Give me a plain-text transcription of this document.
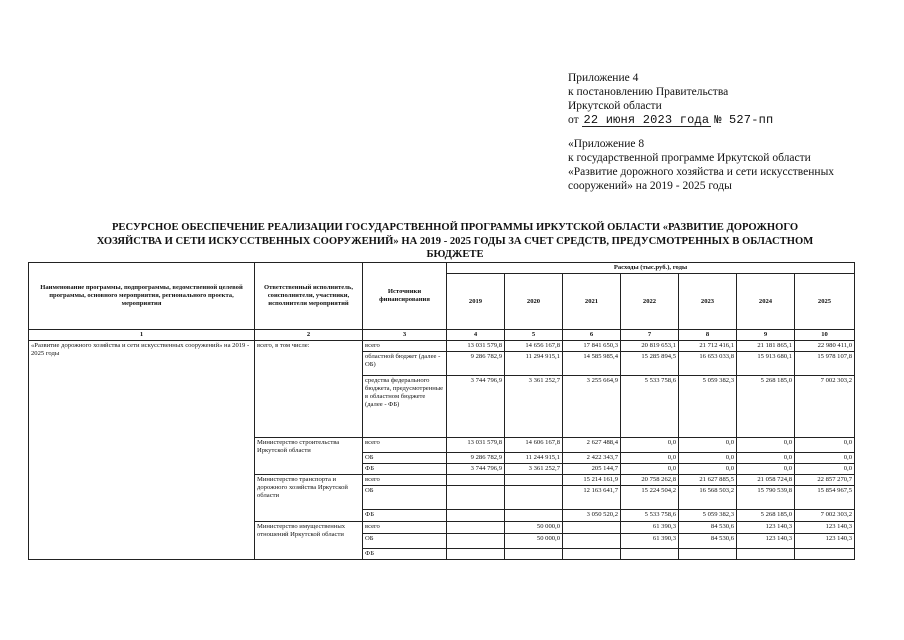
Приложение 4
к постановлению Правительства
Иркутской области
от 22 июня 2023 года № 527-пп
«Приложение 8
к государственной программе Иркутской области
«Развитие дорожного хозяйства и сети искусственных
сооружений» на 2019 - 2025 годы
РЕСУРСНОЕ ОБЕСПЕЧЕНИЕ РЕАЛИЗАЦИИ ГОСУДАРСТВЕННОЙ ПРОГРАММЫ ИРКУТСКОЙ ОБЛАСТИ «РАЗВИТИЕ ДОРОЖНОГО
ХОЗЯЙСТВА И СЕТИ ИСКУССТВЕННЫХ СООРУЖЕНИЙ» НА 2019 - 2025 ГОДЫ ЗА СЧЕТ СРЕДСТВ, ПРЕДУСМОТРЕННЫХ В ОБЛАСТНОМ
БЮДЖЕТЕ
Наименование программы, подпрограммы, ведомственной целевой программы, основного мероприятия, регионального проекта, мероприятия	Ответственный исполнитель, соисполнители, участники, исполнители мероприятий	Источники финансирования	Расходы (тыс.руб.), годы						
			2019	2020	2021	2022	2023	2024	2025
1	2	3	4	5	6	7	8	9	10
«Развитие дорожного хозяйства и сети искусственных сооружений» на 2019 - 2025 годы	всего, в том числе:	всего	13 031 579,8	14 656 167,8	17 841 650,3	20 819 653,1	21 712 416,1	21 181 865,1	22 980 411,0
		областной бюджет (далее - ОБ)	9 286 782,9	11 294 915,1	14 585 985,4	15 285 894,5	16 653 033,8	15 913 680,1	15 978 107,8
		средства федерального бюджета, предусмотренные в областном бюджете (далее - ФБ)	3 744 796,9	3 361 252,7	3 255 664,9	5 533 758,6	5 059 382,3	5 268 185,0	7 002 303,2
	Министерство строительства Иркутской области	всего	13 031 579,8	14 606 167,8	2 627 488,4	0,0	0,0	0,0	0,0
		ОБ	9 286 782,9	11 244 915,1	2 422 343,7	0,0	0,0	0,0	0,0
		ФБ	3 744 796,9	3 361 252,7	205 144,7	0,0	0,0	0,0	0,0
	Министерство транспорта и дорожного хозяйства Иркутской области	всего			15 214 161,9	20 758 262,8	21 627 885,5	21 058 724,8	22 857 270,7
		ОБ			12 163 641,7	15 224 504,2	16 568 503,2	15 790 539,8	15 854 967,5
		ФБ			3 050 520,2	5 533 758,6	5 059 382,3	5 268 185,0	7 002 303,2
	Министерство имущественных отношений Иркутской области	всего		50 000,0		61 390,3	84 530,6	123 140,3	123 140,3
		ОБ		50 000,0		61 390,3	84 530,6	123 140,3	123 140,3
		ФБ							
